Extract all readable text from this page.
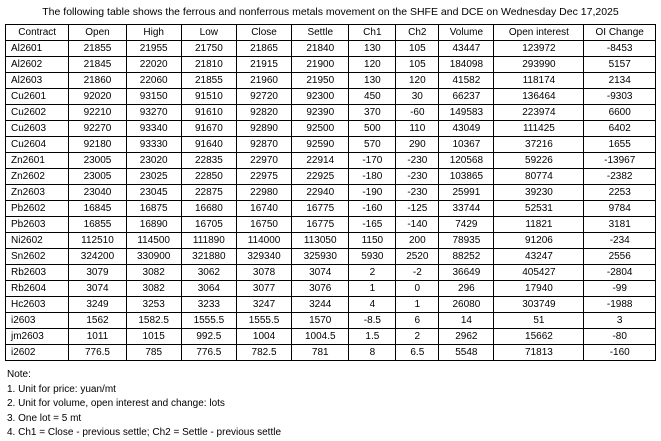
The following table shows the ferrous and nonferrous metals movement on the SHFE and DCE on Wednesday Dec 17,2025
Contract	Open	High	Low	Close	Settle	Ch1	Ch2	Volume	Open interest	OI Change
Al2601	21855	21955	21750	21865	21840	130	105	43447	123972	-8453
Al2602	21845	22020	21810	21915	21900	120	105	184098	293990	5157
Al2603	21860	22060	21855	21960	21950	130	120	41582	118174	2134
Cu2601	92020	93150	91510	92720	92300	450	30	66237	136464	-9303
Cu2602	92210	93270	91610	92820	92390	370	-60	149583	223974	6600
Cu2603	92270	93340	91670	92890	92500	500	110	43049	111425	6402
Cu2604	92180	93330	91640	92870	92590	570	290	10367	37216	1655
Zn2601	23005	23020	22835	22970	22914	-170	-230	120568	59226	-13967
Zn2602	23005	23025	22850	22975	22925	-180	-230	103865	80774	-2382
Zn2603	23040	23045	22875	22980	22940	-190	-230	25991	39230	2253
Pb2602	16845	16875	16680	16740	16775	-160	-125	33744	52531	9784
Pb2603	16855	16890	16705	16750	16775	-165	-140	7429	11821	3181
Ni2602	112510	114500	111890	114000	113050	1150	200	78935	91206	-234
Sn2602	324200	330900	321880	329340	325930	5930	2520	88252	43247	2556
Rb2603	3079	3082	3062	3078	3074	2	-2	36649	405427	-2804
Rb2604	3074	3082	3064	3077	3076	1	0	296	17940	-99
Hc2603	3249	3253	3233	3247	3244	4	1	26080	303749	-1988
i2603	1562	1582.5	1555.5	1555.5	1570	-8.5	6	14	51	3
jm2603	1011	1015	992.5	1004	1004.5	1.5	2	2962	15662	-80
i2602	776.5	785	776.5	782.5	781	8	6.5	5548	71813	-160
Note:
1. Unit for price: yuan/mt
2. Unit for volume, open interest and change: lots
3. One lot = 5 mt
4. Ch1 = Close - previous settle; Ch2 = Settle - previous settle
